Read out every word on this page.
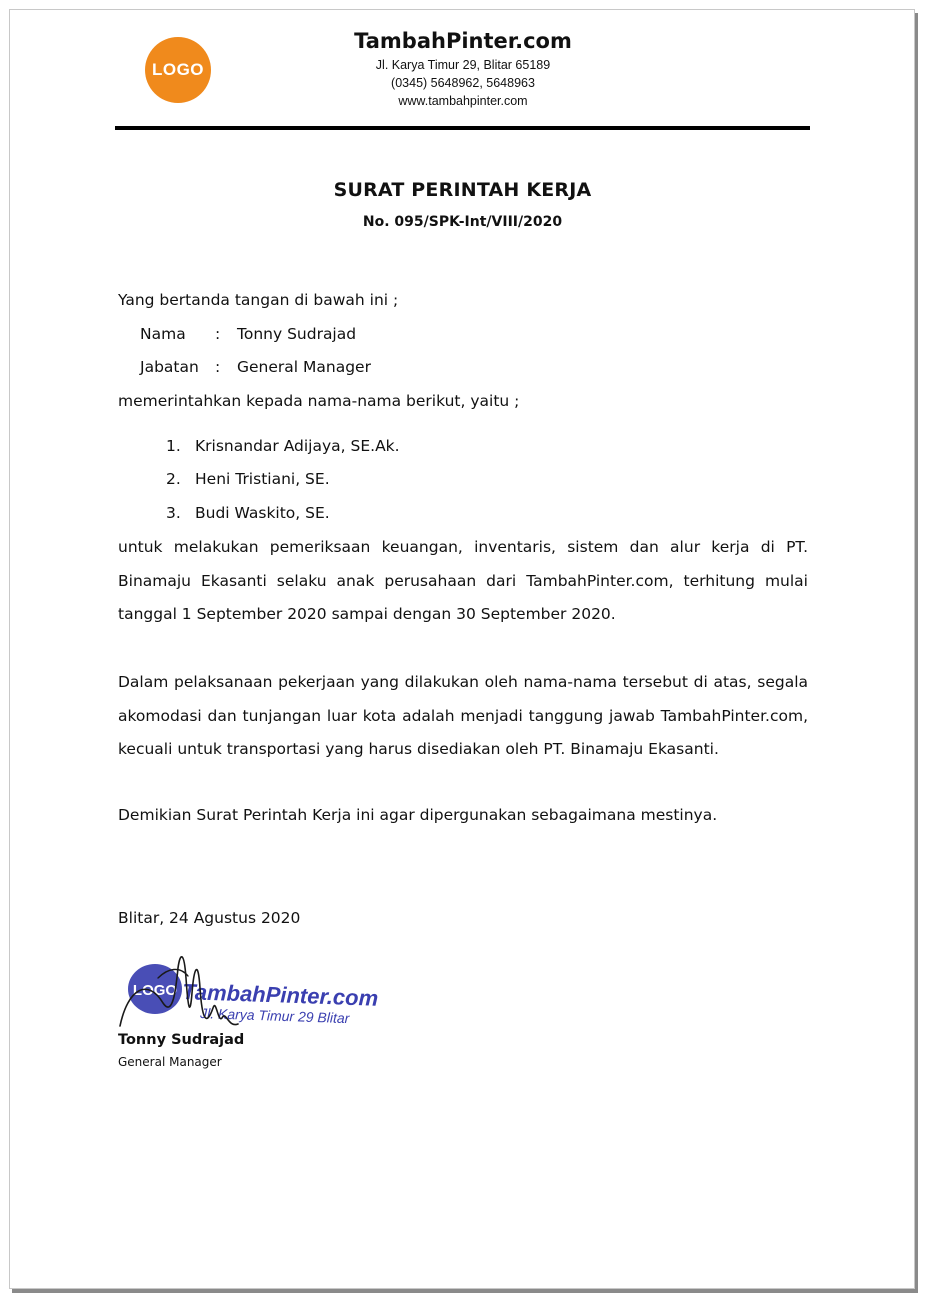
LOGO
TambahPinter.com
Jl. Karya Timur 29, Blitar 65189
(0345) 5648962, 5648963
www.tambahpinter.com
SURAT PERINTAH KERJA
No. 095/SPK-Int/VIII/2020
Yang bertanda tangan di bawah ini ;
Nama : Tonny Sudrajad
Jabatan : General Manager
memerintahkan kepada nama-nama berikut, yaitu ;
1. Krisnandar Adijaya, SE.Ak.
2. Heni Tristiani, SE.
3. Budi Waskito, SE.
untuk melakukan pemeriksaan keuangan, inventaris, sistem dan alur kerja di PT. Binamaju Ekasanti selaku anak perusahaan dari TambahPinter.com, terhitung mulai tanggal 1 September 2020 sampai dengan 30 September 2020.
Dalam pelaksanaan pekerjaan yang dilakukan oleh nama-nama tersebut di atas, segala akomodasi dan tunjangan luar kota adalah menjadi tanggung jawab TambahPinter.com, kecuali untuk transportasi yang harus disediakan oleh PT. Binamaju Ekasanti.
Demikian Surat Perintah Kerja ini agar dipergunakan sebagaimana mestinya.
Blitar, 24 Agustus 2020
LOGO TambahPinter.com
Jl. Karya Timur 29 Blitar
Tonny Sudrajad
General Manager
